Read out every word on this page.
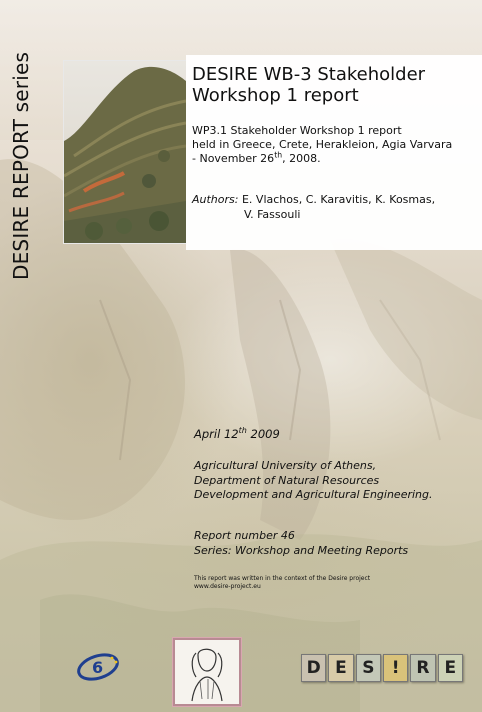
DESIRE REPORT series	DESIRE WB-3 Stakeholder
Workshop 1 report

WP3.1 Stakeholder Workshop 1 report
held in Greece, Crete, Herakleion, Agia Varvara
- November 26th, 2008.

Authors: E. Vlachos, C. Karavitis, K. Kosmas,
V. Fassouli

April 12th 2009

Agricultural University of Athens,
Department of Natural Resources
Development and Agricultural Engineering.

Report number 46
Series: Workshop and Meeting Reports

This report was written in the context of the Desire project
www.desire-project.eu

6	D E S	! R E
